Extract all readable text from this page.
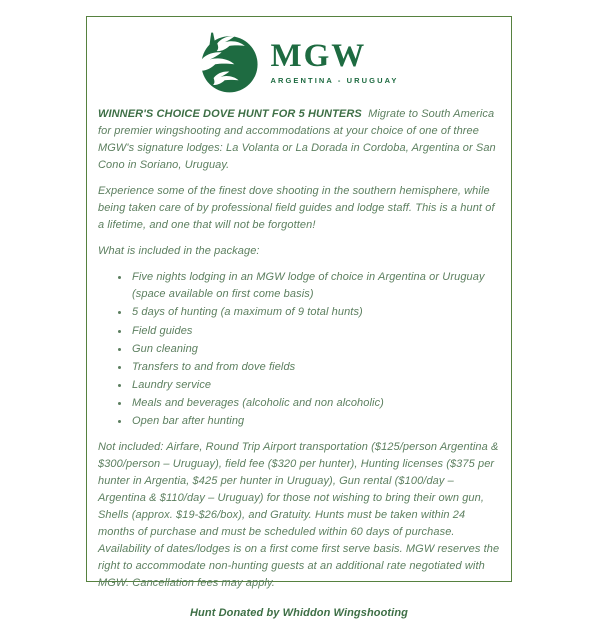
MGW
ARGENTINA - URUGUAY

WINNER'S CHOICE DOVE HUNT FOR 5 HUNTERS Migrate to South America for premier wingshooting and accommodations at your choice of one of three MGW's signature lodges: La Volanta or La Dorada in Cordoba, Argentina or San Cono in Soriano, Uruguay.

Experience some of the finest dove shooting in the southern hemisphere, while being taken care of by professional field guides and lodge staff. This is a hunt of a lifetime, and one that will not be forgotten!

What is included in the package:

• Five nights lodging in an MGW lodge of choice in Argentina or Uruguay (space available on first come basis)
• 5 days of hunting (a maximum of 9 total hunts)
• Field guides
• Gun cleaning
• Transfers to and from dove fields
• Laundry service
• Meals and beverages (alcoholic and non alcoholic)
• Open bar after hunting

Not included: Airfare, Round Trip Airport transportation ($125/person Argentina & $300/person – Uruguay), field fee ($320 per hunter), Hunting licenses ($375 per hunter in Argentia, $425 per hunter in Uruguay), Gun rental ($100/day – Argentina & $110/day – Uruguay) for those not wishing to bring their own gun, Shells (approx. $19-$26/box), and Gratuity. Hunts must be taken within 24 months of purchase and must be scheduled within 60 days of purchase. Availability of dates/lodges is on a first come first serve basis. MGW reserves the right to accommodate non-hunting guests at an additional rate negotiated with MGW. Cancellation fees may apply.

Hunt Donated by Whiddon Wingshooting
